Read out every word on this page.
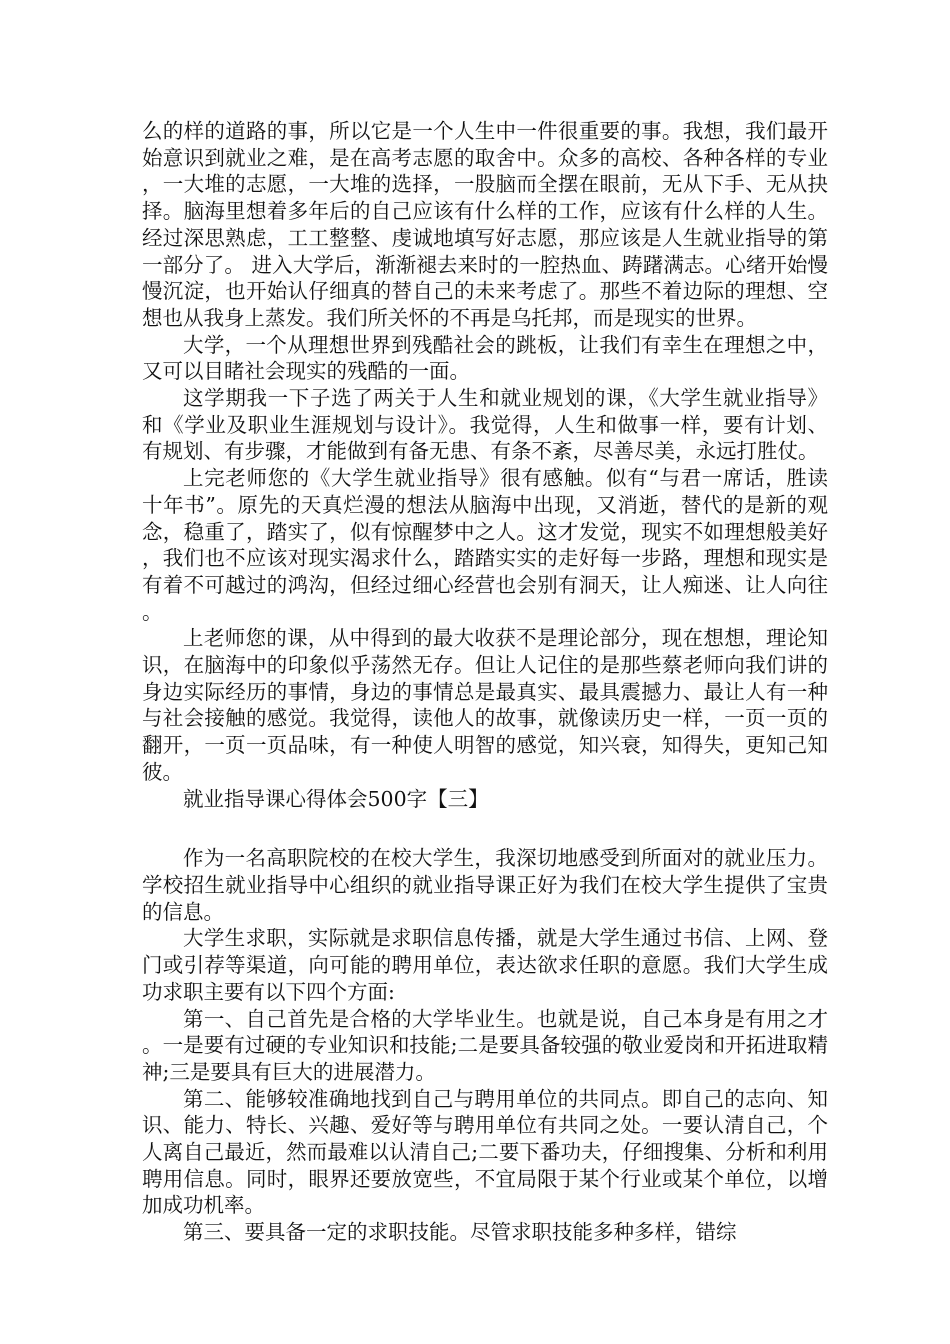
么的样的道路的事，所以它是一个人生中一件很重要的事。我想，我们最开始意识到就业之难，是在高考志愿的取舍中。众多的高校、各种各样的专业，一大堆的志愿，一大堆的选择，一股脑而全摆在眼前，无从下手、无从抉择。脑海里想着多年后的自己应该有什么样的工作，应该有什么样的人生。经过深思熟虑，工工整整、虔诚地填写好志愿，那应该是人生就业指导的第一部分了。 进入大学后，渐渐褪去来时的一腔热血、踌躇满志。心绪开始慢慢沉淀，也开始认仔细真的替自己的未来考虑了。那些不着边际的理想、空想也从我身上蒸发。我们所关怀的不再是乌托邦，而是现实的世界。

大学，一个从理想世界到残酷社会的跳板，让我们有幸生在理想之中，又可以目睹社会现实的残酷的一面。

这学期我一下子选了两关于人生和就业规划的课，《大学生就业指导》和《学业及职业生涯规划与设计》。我觉得，人生和做事一样，要有计划、有规划、有步骤，才能做到有备无患、有条不紊，尽善尽美，永远打胜仗。

上完老师您的《大学生就业指导》很有感触。似有“与君一席话，胜读十年书”。原先的天真烂漫的想法从脑海中出现，又消逝，替代的是新的观念，稳重了，踏实了，似有惊醒梦中之人。这才发觉，现实不如理想般美好，我们也不应该对现实渴求什么，踏踏实实的走好每一步路，理想和现实是有着不可越过的鸿沟，但经过细心经营也会别有洞天，让人痴迷、让人向往。

上老师您的课，从中得到的最大收获不是理论部分，现在想想，理论知识，在脑海中的印象似乎荡然无存。但让人记住的是那些蔡老师向我们讲的身边实际经历的事情，身边的事情总是最真实、最具震撼力、最让人有一种与社会接触的感觉。我觉得，读他人的故事，就像读历史一样，一页一页的翻开，一页一页品味，有一种使人明智的感觉，知兴衰，知得失，更知己知彼。

就业指导课心得体会500字【三】

作为一名高职院校的在校大学生，我深切地感受到所面对的就业压力。学校招生就业指导中心组织的就业指导课正好为我们在校大学生提供了宝贵的信息。

大学生求职，实际就是求职信息传播，就是大学生通过书信、上网、登门或引荐等渠道，向可能的聘用单位，表达欲求任职的意愿。我们大学生成功求职主要有以下四个方面:

第一、自己首先是合格的大学毕业生。也就是说，自己本身是有用之才。一是要有过硬的专业知识和技能;二是要具备较强的敬业爱岗和开拓进取精神;三是要具有巨大的进展潜力。

第二、能够较准确地找到自己与聘用单位的共同点。即自己的志向、知识、能力、特长、兴趣、爱好等与聘用单位有共同之处。一要认清自己，个人离自己最近，然而最难以认清自己;二要下番功夫，仔细搜集、分析和利用聘用信息。同时，眼界还要放宽些，不宜局限于某个行业或某个单位，以增加成功机率。

第三、要具备一定的求职技能。尽管求职技能多种多样，错综
